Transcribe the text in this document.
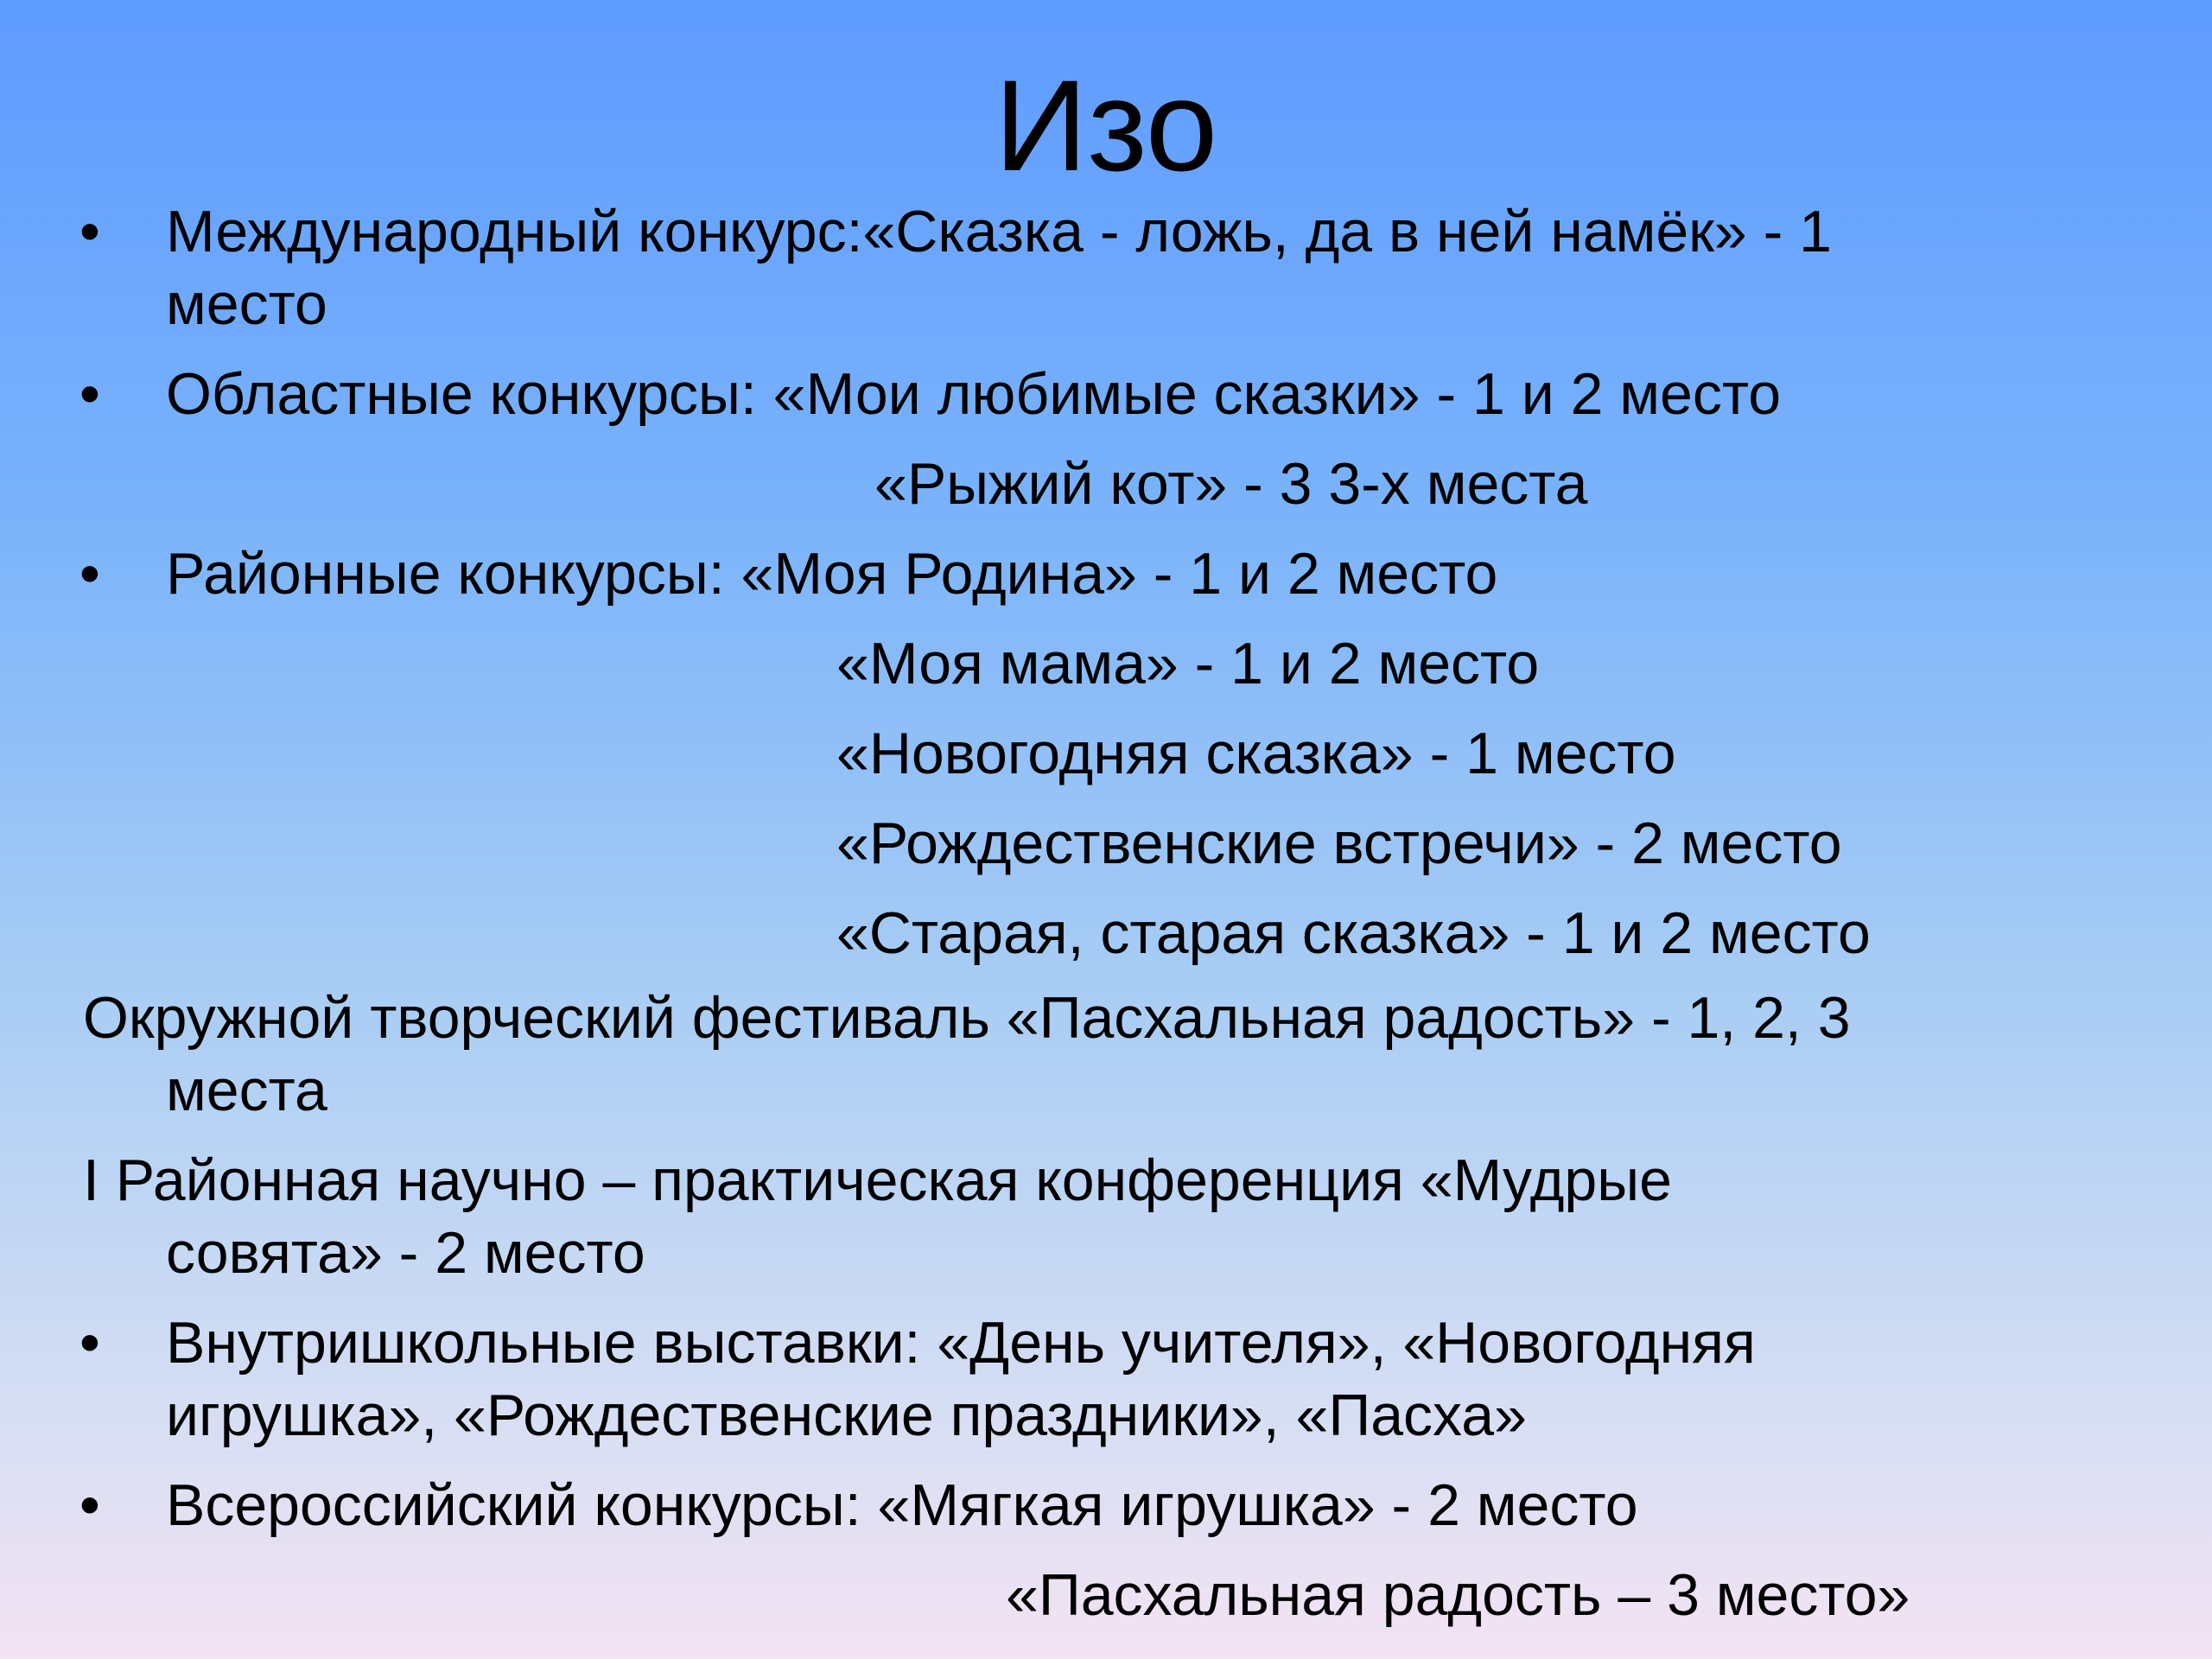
Изо
• Международный конкурс:«Сказка - ложь, да в ней намёк» - 1
место
• Областные конкурсы: «Мои любимые сказки» - 1 и 2 место
«Рыжий кот» - 3 3-х места
• Районные конкурсы: «Моя Родина» - 1 и 2 место
«Моя мама» - 1 и 2 место
«Новогодняя сказка» - 1 место
«Рождественские встречи» - 2 место
«Старая, старая сказка» - 1 и 2 место
Окружной творческий фестиваль «Пасхальная радость» - 1, 2, 3
места
I Районная научно – практическая конференция «Мудрые
совята» - 2 место
• Внутришкольные выставки: «День учителя», «Новогодняя
игрушка», «Рождественские праздники», «Пасха»
• Всероссийский конкурсы: «Мягкая игрушка» - 2 место
«Пасхальная радость – 3 место»
